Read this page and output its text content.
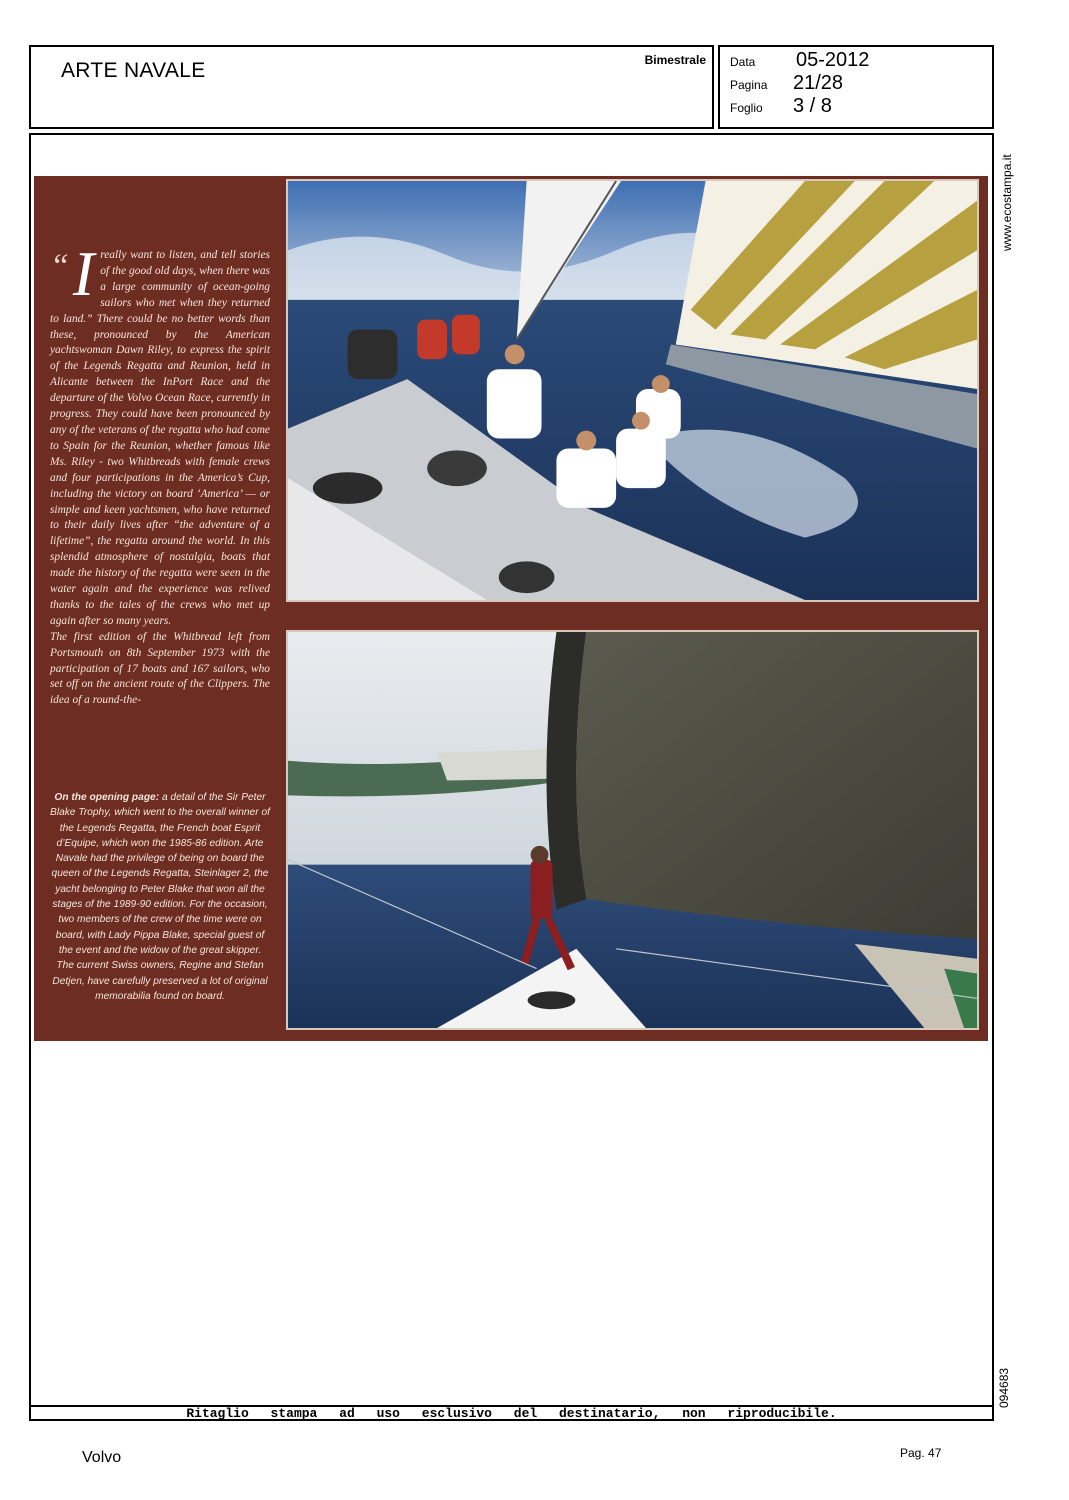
ARTE NAVALE	Bimestrale Data 05-2012
Pagina 21/28
Foglio 3 / 8
www.ecostampa.it
094683
“ I really want to listen, and tell stories of the good old days, when there was a large community of ocean-going sailors who met when they returned to land.” There could be no better words than these, pronounced by the American yachtswoman Dawn Riley, to express the spirit of the Legends Regatta and Reunion, held in Alicante between the InPort Race and the departure of the Volvo Ocean Race, currently in progress. They could have been pronounced by any of the veterans of the regatta who had come to Spain for the Reunion, whether famous like Ms. Riley - two Whitbreads with female crews and four participations in the America’s Cup, including the victory on board ‘America’ — or simple and keen yachtsmen, who have returned to their daily lives after “the adventure of a lifetime”, the regatta around the world. In this splendid atmosphere of nostalgia, boats that made the history of the regatta were seen in the water again and the experience was relived thanks to the tales of the crews who met up again after so many years.

The first edition of the Whitbread left from Portsmouth on 8th September 1973 with the participation of 17 boats and 167 sailors, who set off on the ancient route of the Clippers. The idea of a round-the-

On the opening page: a detail of the Sir Peter Blake Trophy, which went to the overall winner of the Legends Regatta, the French boat Esprit d’Equipe, which won the 1985-86 edition. Arte Navale had the privilege of being on board the queen of the Legends Regatta, Steinlager 2, the yacht belonging to Peter Blake that won all the stages of the 1989-90 edition. For the occasion, two members of the crew of the time were on board, with Lady Pippa Blake, special guest of the event and the widow of the great skipper. The current Swiss owners, Regine and Stefan Detjen, have carefully preserved a lot of original memorabilia found on board.
Ritaglio stampa ad uso esclusivo del destinatario, non riproducibile.
Volvo	Pag. 47
